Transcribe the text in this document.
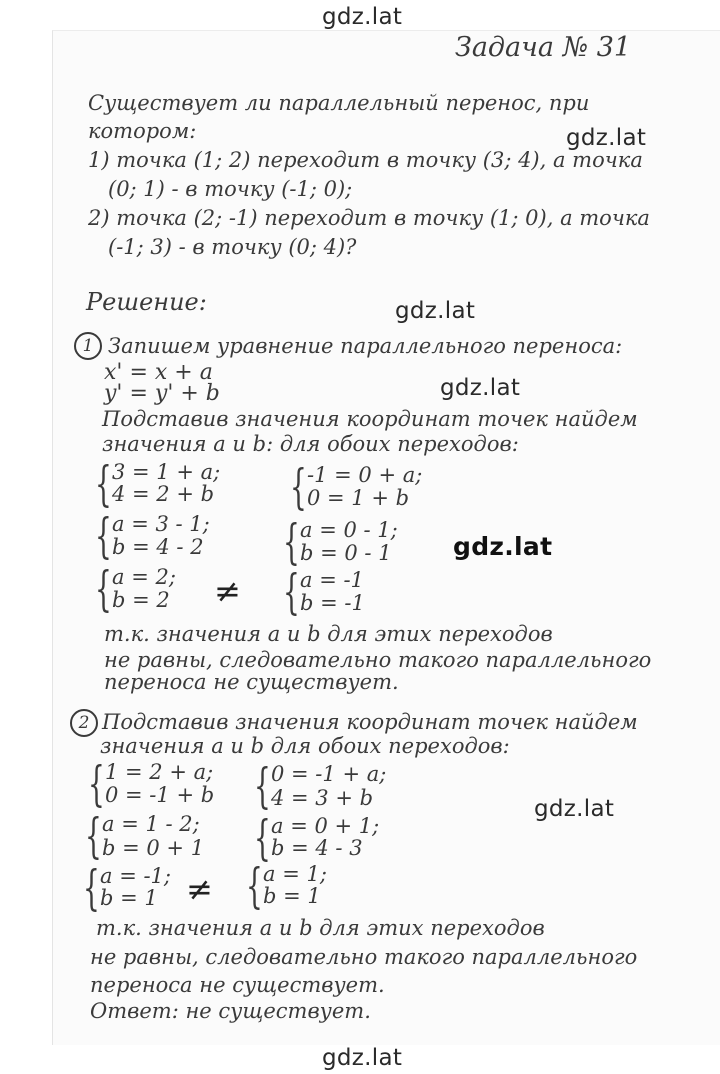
gdz.lat
gdz.lat
gdz.lat
gdz.lat
gdz.lat
gdz.lat
gdz.lat
Задача № 31
Существует ли параллельный перенос, при
котором:
1) точка (1; 2) переходит в точку (3; 4), а точка
(0; 1) - в точку (-1; 0);
2) точка (2; -1) переходит в точку (1; 0), а точка
(-1; 3) - в точку (0; 4)?
Решение:
1 Запишем уравнение параллельного переноса:
x' = x + a
y' = y' + b
Подставив значения координат точек найдем
значения a и b: для обоих переходов:
{ 3 = 1 + a;
4 = 2 + b
{ a = 3 - 1;
b = 4 - 2
{ a = 2;
b = 2
{ -1 = 0 + a;
0 = 1 + b
{ a = 0 - 1;
b = 0 - 1
{ a = -1
b = -1
≠
т.к. значения a и b для этих переходов
не равны, следовательно такого параллельного
переноса не существует.
2 Подставив значения координат точек найдем
значения a и b для обоих переходов:
{ 1 = 2 + a;
0 = -1 + b
{ a = 1 - 2;
b = 0 + 1
{ a = -1;
b = 1
{ 0 = -1 + a;
4 = 3 + b
{ a = 0 + 1;
b = 4 - 3
{ a = 1;
b = 1
≠
т.к. значения a и b для этих переходов
не равны, следовательно такого параллельного
переноса не существует.
Ответ: не существует.
